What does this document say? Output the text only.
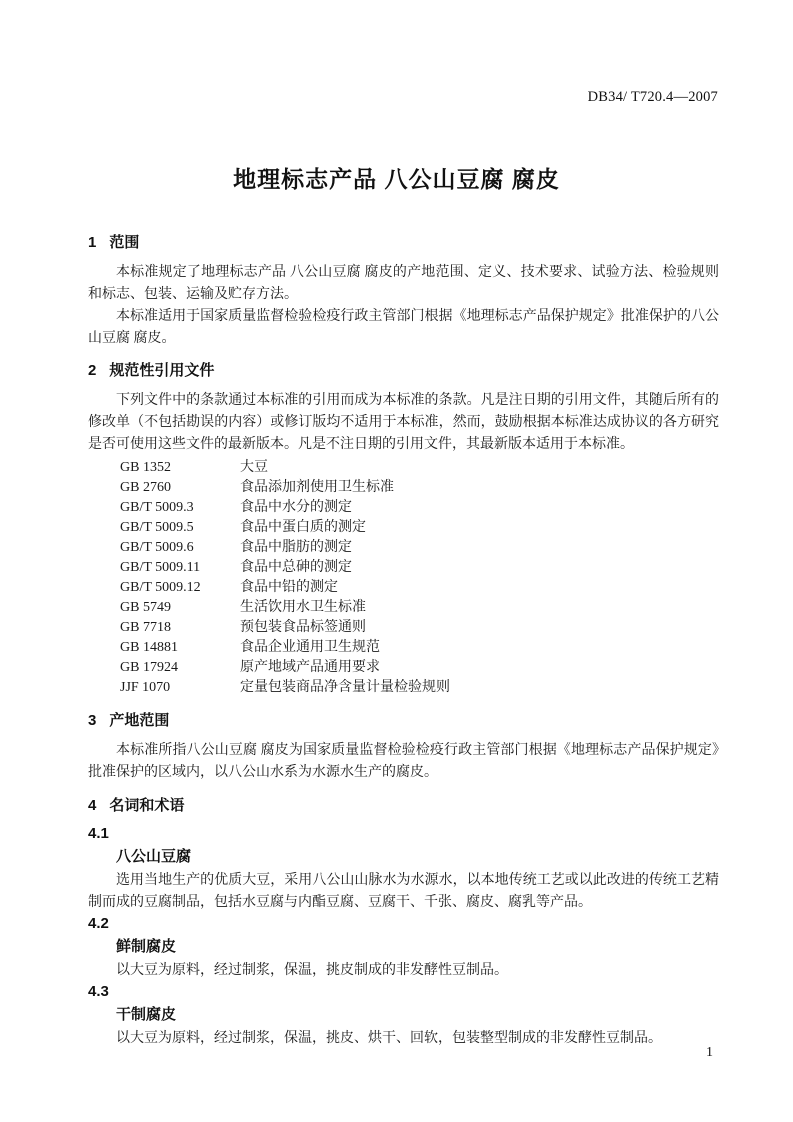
DB34/ T720.4—2007
地理标志产品 八公山豆腐 腐皮
1 范围

本标准规定了地理标志产品 八公山豆腐 腐皮的产地范围、定义、技术要求、试验方法、检验规则和标志、包装、运输及贮存方法。

本标准适用于国家质量监督检验检疫行政主管部门根据《地理标志产品保护规定》批准保护的八公山豆腐 腐皮。

2 规范性引用文件

下列文件中的条款通过本标准的引用而成为本标准的条款。凡是注日期的引用文件，其随后所有的修改单（不包括勘误的内容）或修订版均不适用于本标准，然而，鼓励根据本标准达成协议的各方研究是否可使用这些文件的最新版本。凡是不注日期的引用文件，其最新版本适用于本标准。

GB 1352	大豆
GB 2760	食品添加剂使用卫生标准
GB/T 5009.3	食品中水分的测定
GB/T 5009.5	食品中蛋白质的测定
GB/T 5009.6	食品中脂肪的测定
GB/T 5009.11	食品中总砷的测定
GB/T 5009.12	食品中铅的测定
GB 5749	生活饮用水卫生标准
GB 7718	预包装食品标签通则
GB 14881	食品企业通用卫生规范
GB 17924	原产地域产品通用要求
JJF 1070	定量包装商品净含量计量检验规则
3 产地范围

本标准所指八公山豆腐 腐皮为国家质量监督检验检疫行政主管部门根据《地理标志产品保护规定》批准保护的区域内，以八公山水系为水源水生产的腐皮。

4 名词和术语
4.1
八公山豆腐

选用当地生产的优质大豆，采用八公山山脉水为水源水，以本地传统工艺或以此改进的传统工艺精制而成的豆腐制品，包括水豆腐与内酯豆腐、豆腐干、千张、腐皮、腐乳等产品。

4.2
鲜制腐皮

以大豆为原料，经过制浆，保温，挑皮制成的非发酵性豆制品。

4.3
干制腐皮

以大豆为原料，经过制浆，保温，挑皮、烘干、回软，包装整型制成的非发酵性豆制品。

1
